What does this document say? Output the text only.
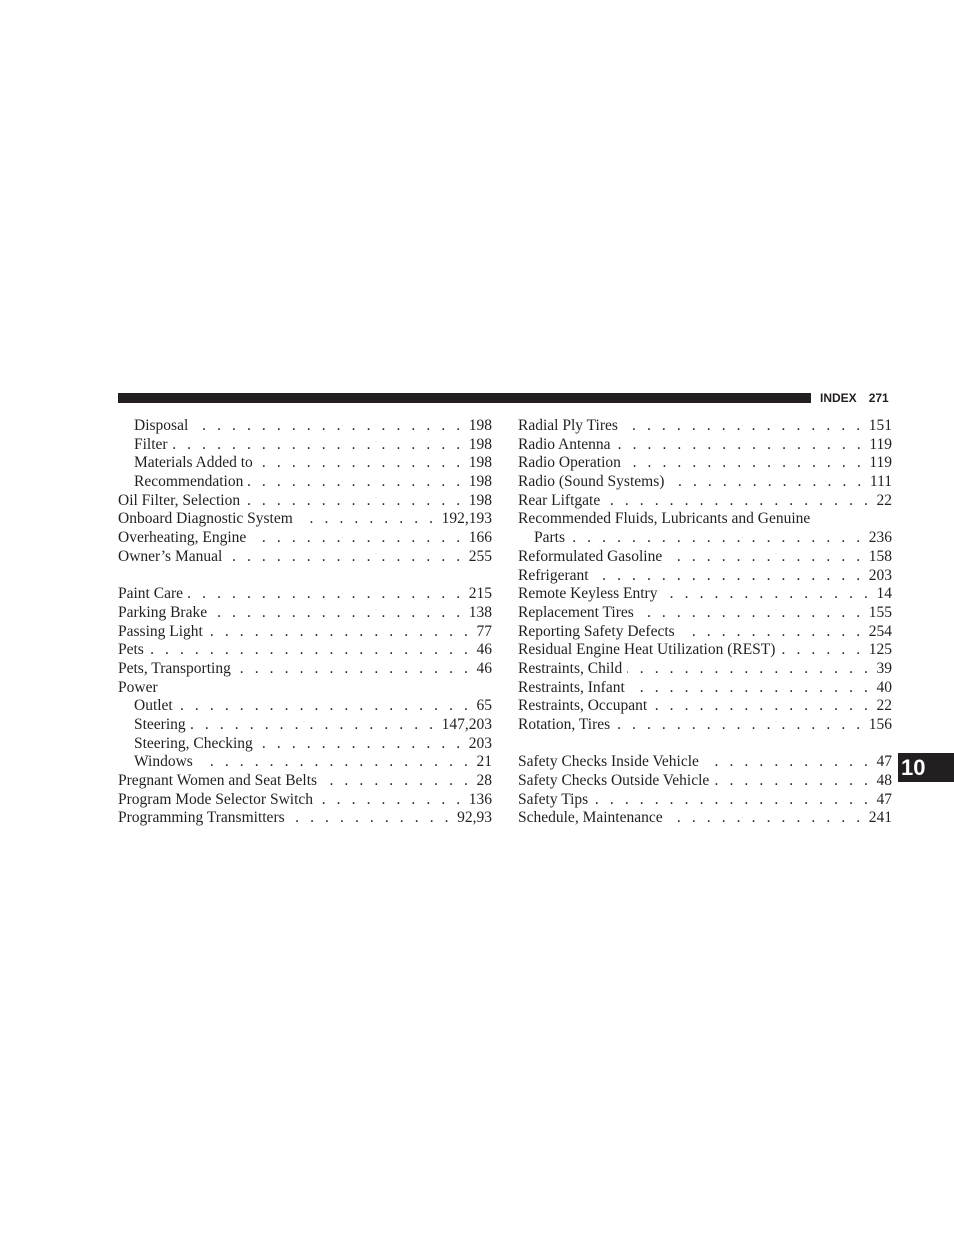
INDEX 271
Disposal . . .	198
Filter . . .	198
Materials Added to . . .	198
Recommendation . . .	198
Oil Filter, Selection . . .	198
Onboard Diagnostic System . . .	192,193
Overheating, Engine . . .	166
Owner’s Manual . . .	255
Paint Care . . .	215
Parking Brake . . .	138
Passing Light . . .	77
Pets . . .	46
Pets, Transporting . . .	46
Power
Outlet . . .	65
Steering . . .	147,203
Steering, Checking . . .	203
Windows . . .	21
Pregnant Women and Seat Belts . . .	28
Program Mode Selector Switch . . .	136
Programming Transmitters . . .	92,93
Radial Ply Tires . . .	151
Radio Antenna . . .	119
Radio Operation . . .	119
Radio (Sound Systems) . . .	111
Rear Liftgate . . .	22
Recommended Fluids, Lubricants and Genuine
Parts . . .	236
Reformulated Gasoline . . .	158
Refrigerant . . .	203
Remote Keyless Entry . . .	14
Replacement Tires . . .	155
Reporting Safety Defects . . .	254
Residual Engine Heat Utilization (REST) . . .	125
Restraints, Child . . .	39
Restraints, Infant . . .	40
Restraints, Occupant . . .	22
Rotation, Tires . . .	156
Safety Checks Inside Vehicle . . .	47
Safety Checks Outside Vehicle . . .	48
Safety Tips . . .	47
Schedule, Maintenance . . .	241
10
